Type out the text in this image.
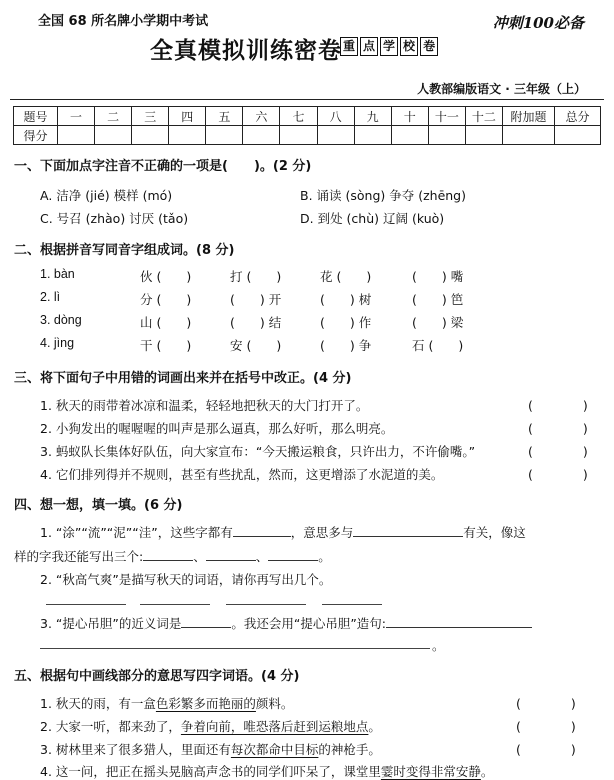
全国 68 所名牌小学期中考试	冲刺100必备
全真模拟训练密卷 重 点 学 校 卷
人教部编版语文 · 三年级（上）
题号	一	二	三	四	五	六	七	八	九	十	十一	十二	附加题	总分
得分														
一、下面加点字注音不正确的一项是(　　)。(2 分)
A. 洁净 (jié) 模样 (mó)	B. 诵读 (sòng) 争夺 (zhēng)
C. 号召 (zhào) 讨厌 (tǎo)	D. 到处 (chù) 辽阔 (kuò)
二、根据拼音写同音字组成词。(8 分)
1. bàn	伙 (　　)	打 (　　)	花 (　　)	(　　) 嘴
2. lì	分 (　　)	(　　) 开	(　　) 树	(　　) 笆
3. dòng	山 (　　)	(　　) 结	(　　) 作	(　　) 梁
4. jìng	干 (　　)	安 (　　)	(　　) 争	石 (　　)
三、将下面句子中用错的词画出来并在括号中改正。(4 分)
1. 秋天的雨带着冰凉和温柔，轻轻地把秋天的大门打开了。	(　　　　)
2. 小狗发出的喔喔喔的叫声是那么逼真，那么好听，那么明亮。	(　　　　)
3. 蚂蚁队长集体好队伍，向大家宣布：“今天搬运粮食，只许出力，不许偷嘴。”	(　　　　)
4. 它们排列得并不规则，甚至有些扰乱，然而，这更增添了水泥道的美。	(　　　　)
四、想一想，填一填。(6 分)
1. “涂”“流”“泥”“洼”，这些字都有	，意思多与	有关，像这
样的字我还能写出三个:	、	、	。
2. “秋高气爽”是描写秋天的词语，请你再写出几个。
3. “提心吊胆”的近义词是	。我还会用“提心吊胆”造句:
。
五、根据句中画线部分的意思写四字词语。(4 分)
1. 秋天的雨，有一盒色彩繁多而艳丽的颜料。	(　　　　)
2. 大家一听，都来劲了，争着向前，唯恐落后赶到运粮地点。	(　　　　)
3. 树林里来了很多猎人，里面还有每次都命中目标的神枪手。	(　　　　)
4. 这一问，把正在摇头晃脑高声念书的同学们吓呆了，课堂里霎时变得非常安静。
